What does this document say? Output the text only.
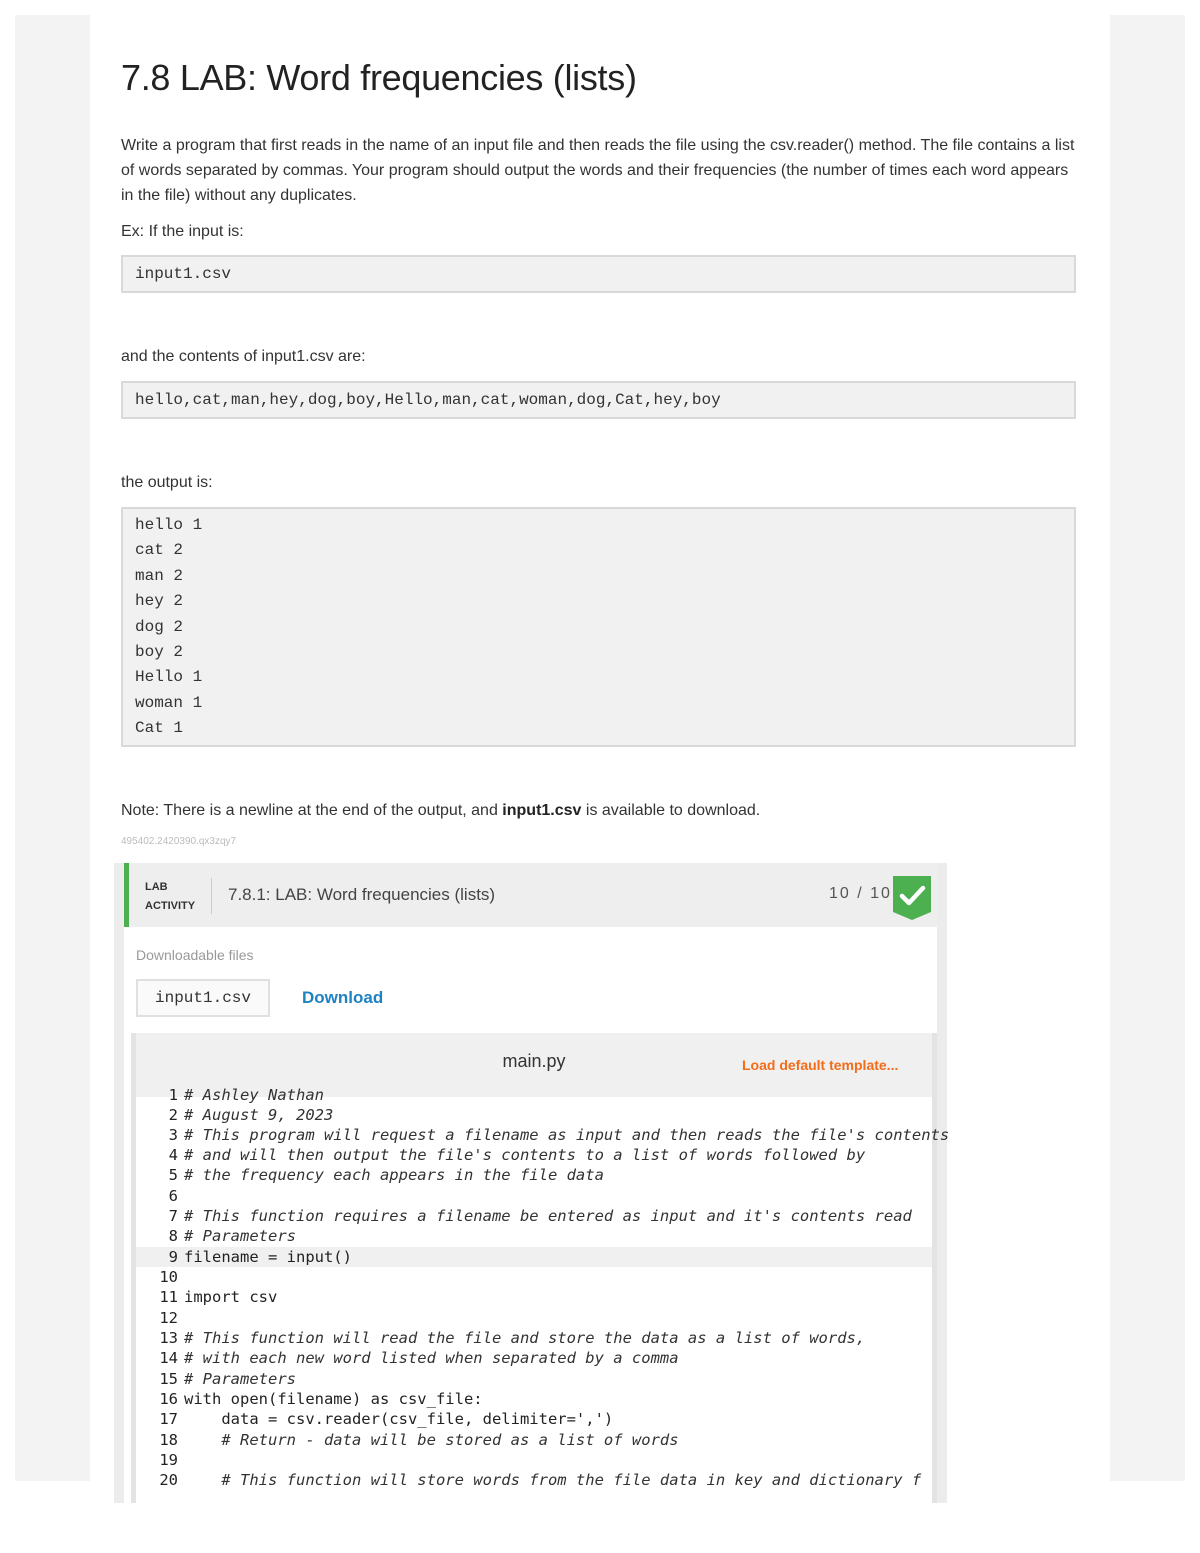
7.8 LAB: Word frequencies (lists)

Write a program that first reads in the name of an input file and then reads the file using the csv.reader() method. The file contains a list of words separated by commas. Your program should output the words and their frequencies (the number of times each word appears in the file) without any duplicates.

Ex: If the input is:

input1.csv

and the contents of input1.csv are:

hello,cat,man,hey,dog,boy,Hello,man,cat,woman,dog,Cat,hey,boy

the output is:

hello 1
cat 2
man 2
hey 2
dog 2
boy 2
Hello 1
woman 1
Cat 1

Note: There is a newline at the end of the output, and input1.csv is available to download.

495402.2420390.qx3zqy7
LAB
ACTIVITY
7.8.1: LAB: Word frequencies (lists)	10 / 10
Downloadable files
input1.csv	Download
main.py	Load default template...
1 # Ashley Nathan
2 # August 9, 2023
3 # This program will request a filename as input and then reads the file's contents
4 # and will then output the file's contents to a list of words followed by
5 # the frequency each appears in the file data
6
7 # This function requires a filename be entered as input and it's contents read
8 # Parameters
9 filename = input()
10
11 import csv
12
13 # This function will read the file and store the data as a list of words,
14 # with each new word listed when separated by a comma
15 # Parameters
16 with open(filename) as csv_file:
17    data = csv.reader(csv_file, delimiter=',')
18    # Return - data will be stored as a list of words
19
20    # This function will store words from the file data in key and dictionary f
